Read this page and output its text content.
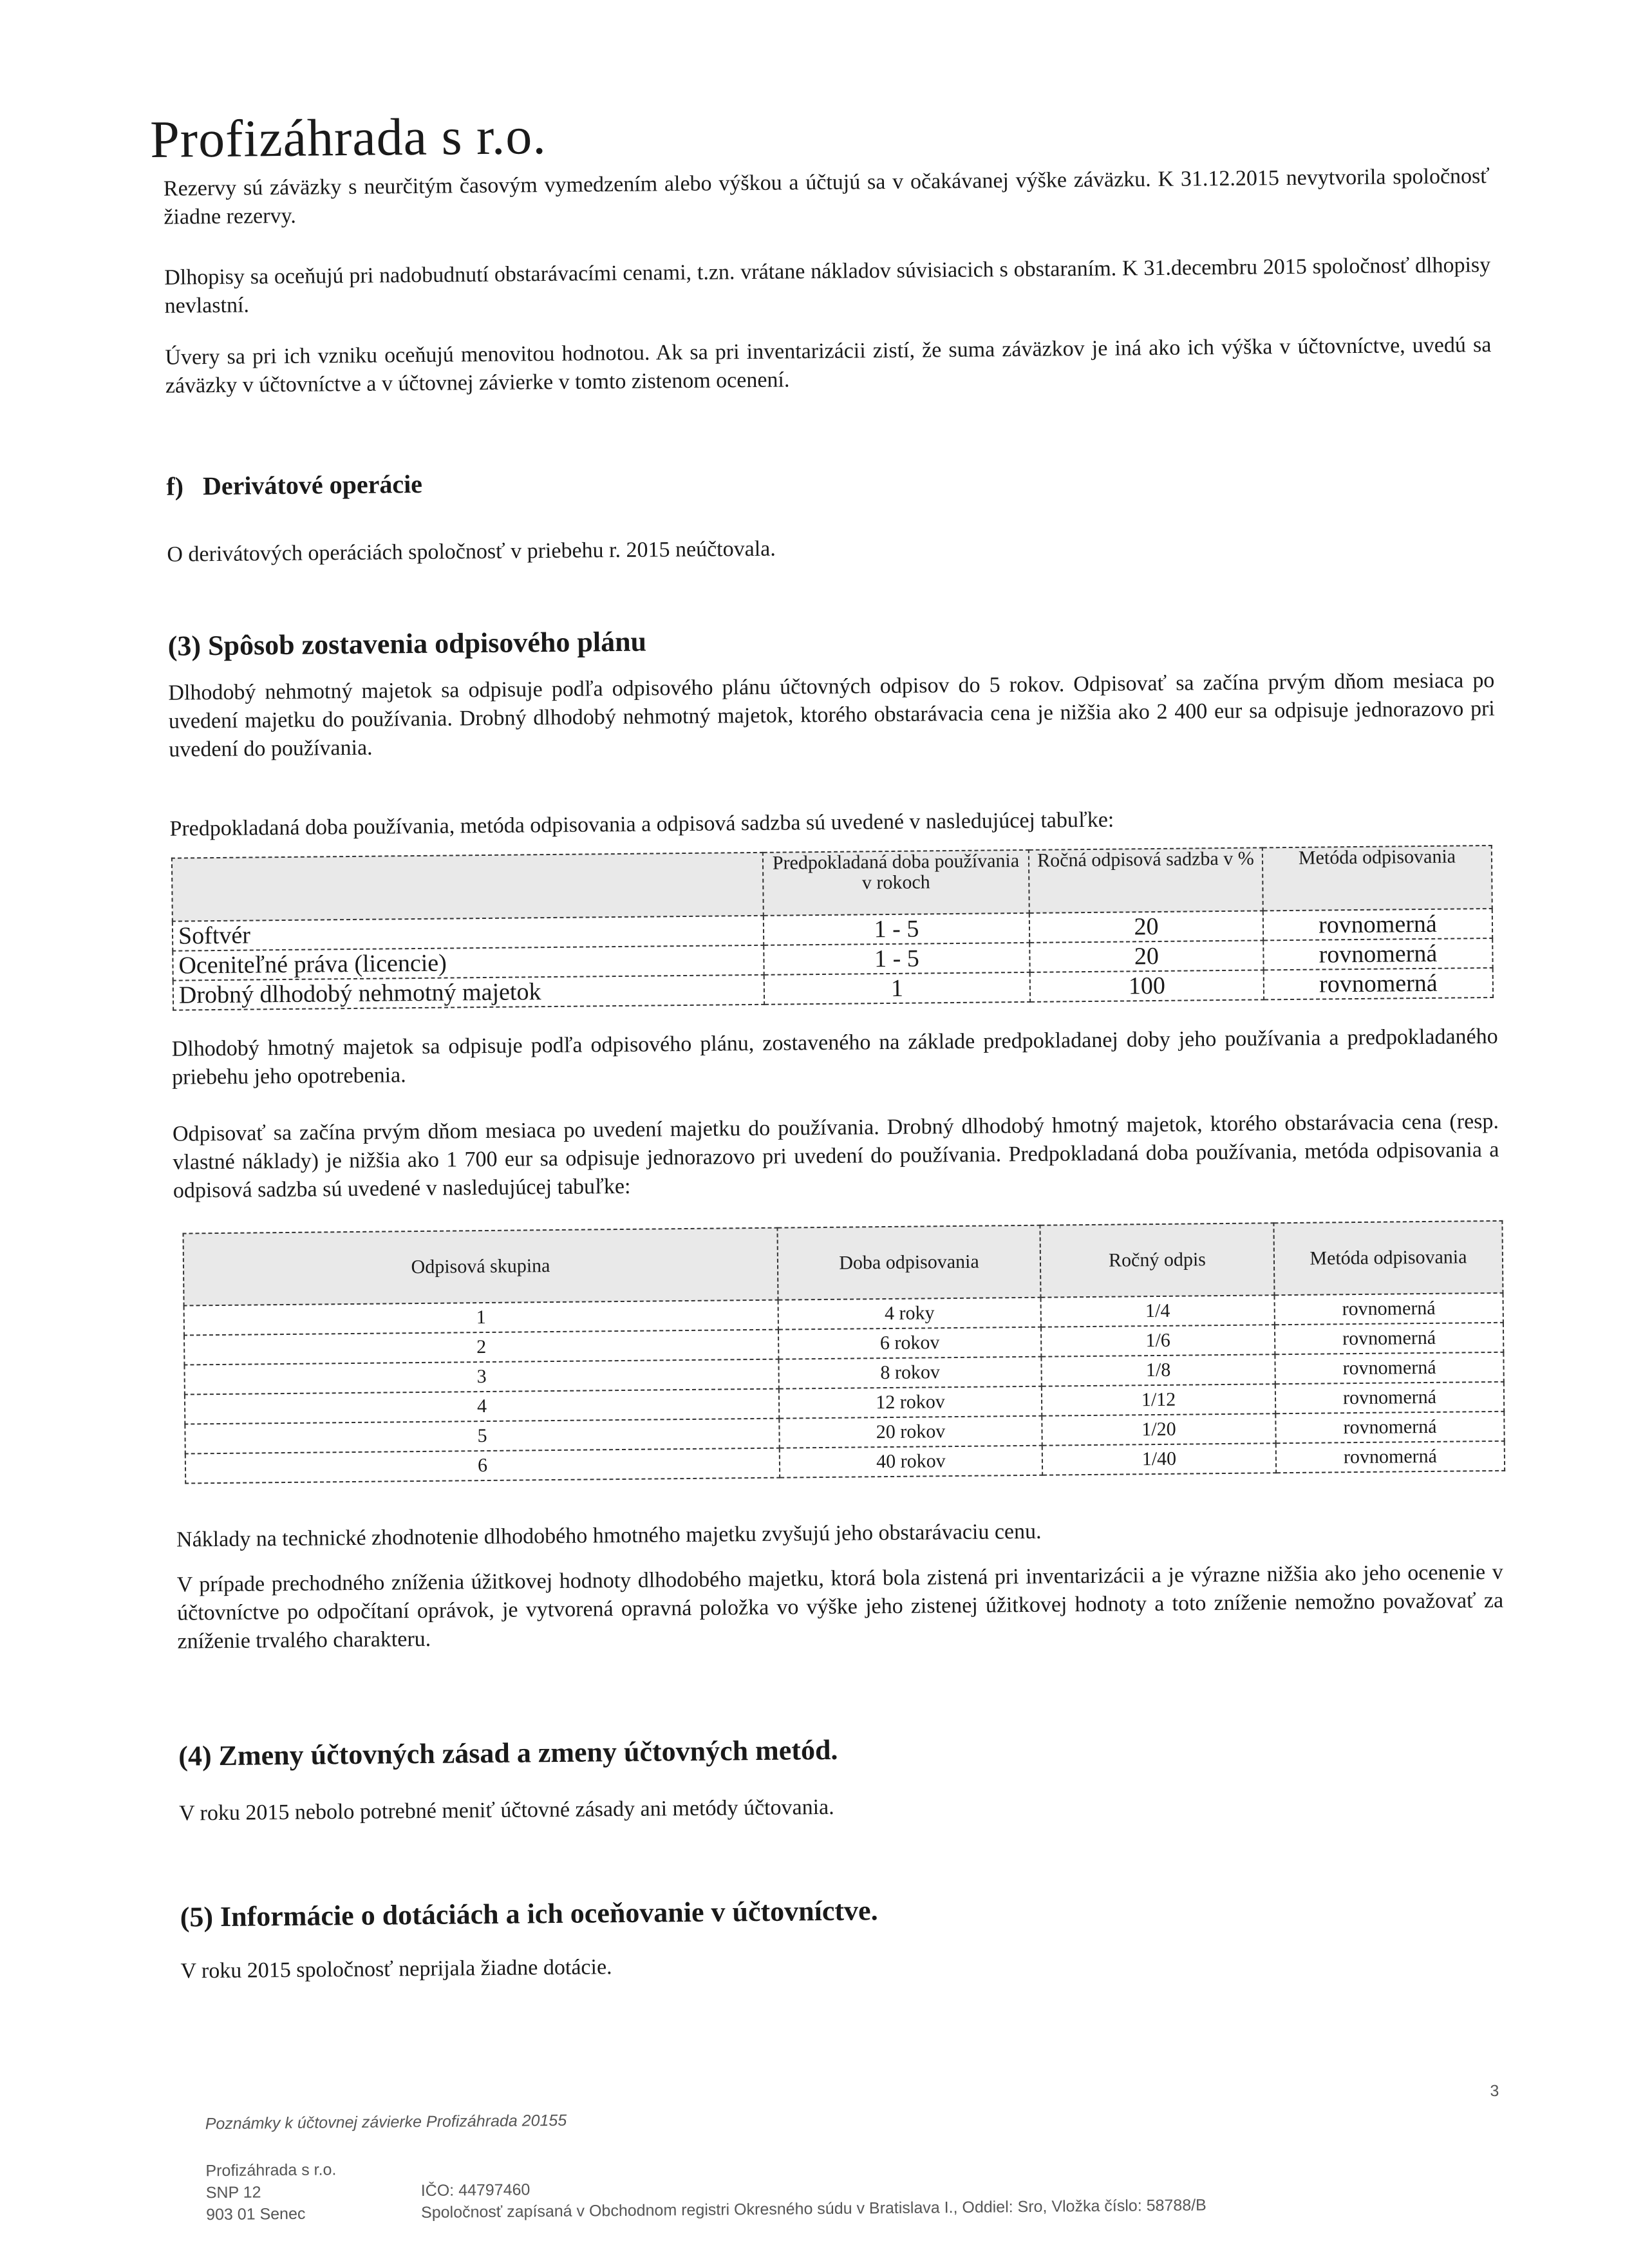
Profizáhrada s r.o.
Rezervy sú záväzky s neurčitým časovým vymedzením alebo výškou a účtujú sa v očakávanej výške záväzku. K 31.12.2015 nevytvorila spoločnosť žiadne rezervy.
Dlhopisy sa oceňujú pri nadobudnutí obstarávacími cenami, t.zn. vrátane nákladov súvisiacich s obstaraním. K 31.decembru 2015 spoločnosť dlhopisy nevlastní.
Úvery sa pri ich vzniku oceňujú menovitou hodnotou. Ak sa pri inventarizácii zistí, že suma záväzkov je iná ako ich výška v účtovníctve, uvedú sa záväzky v účtovníctve a v účtovnej závierke v tomto zistenom ocenení.
f) Derivátové operácie
O derivátových operáciách spoločnosť v priebehu r. 2015 neúčtovala.
(3) Spôsob zostavenia odpisového plánu
Dlhodobý nehmotný majetok sa odpisuje podľa odpisového plánu účtovných odpisov do 5 rokov. Odpisovať sa začína prvým dňom mesiaca po uvedení majetku do používania. Drobný dlhodobý nehmotný majetok, ktorého obstarávacia cena je nižšia ako 2 400 eur sa odpisuje jednorazovo pri uvedení do používania.
Predpokladaná doba používania, metóda odpisovania a odpisová sadzba sú uvedené v nasledujúcej tabuľke:
	Predpokladaná doba používania v rokoch	Ročná odpisová sadzba v %	Metóda odpisovania
Softvér	1 - 5	20	rovnomerná
Oceniteľné práva (licencie)	1 - 5	20	rovnomerná
Drobný dlhodobý nehmotný majetok	1	100	rovnomerná
Dlhodobý hmotný majetok sa odpisuje podľa odpisového plánu, zostaveného na základe predpokladanej doby jeho používania a predpokladaného priebehu jeho opotrebenia.
Odpisovať sa začína prvým dňom mesiaca po uvedení majetku do používania. Drobný dlhodobý hmotný majetok, ktorého obstarávacia cena (resp. vlastné náklady) je nižšia ako 1 700 eur sa odpisuje jednorazovo pri uvedení do používania. Predpokladaná doba používania, metóda odpisovania a odpisová sadzba sú uvedené v nasledujúcej tabuľke:
Odpisová skupina	Doba odpisovania	Ročný odpis	Metóda odpisovania
1	4 roky	1/4	rovnomerná
2	6 rokov	1/6	rovnomerná
3	8 rokov	1/8	rovnomerná
4	12 rokov	1/12	rovnomerná
5	20 rokov	1/20	rovnomerná
6	40 rokov	1/40	rovnomerná
Náklady na technické zhodnotenie dlhodobého hmotného majetku zvyšujú jeho obstarávaciu cenu.
V prípade prechodného zníženia úžitkovej hodnoty dlhodobého majetku, ktorá bola zistená pri inventarizácii a je výrazne nižšia ako jeho ocenenie v účtovníctve po odpočítaní oprávok, je vytvorená opravná položka vo výške jeho zistenej úžitkovej hodnoty a toto zníženie nemožno považovať za zníženie trvalého charakteru.
(4) Zmeny účtovných zásad a zmeny účtovných metód.
V roku 2015 nebolo potrebné meniť účtovné zásady ani metódy účtovania.
(5) Informácie o dotáciách a ich oceňovanie v účtovníctve.
V roku 2015 spoločnosť neprijala žiadne dotácie.
Poznámky k účtovnej závierke Profizáhrada 20155
3
Profizáhrada s r.o.
SNP 12
903 01 Senec
IČO: 44797460
Spoločnosť zapísaná v Obchodnom registri Okresného súdu v Bratislava I., Oddiel: Sro, Vložka číslo: 58788/B
